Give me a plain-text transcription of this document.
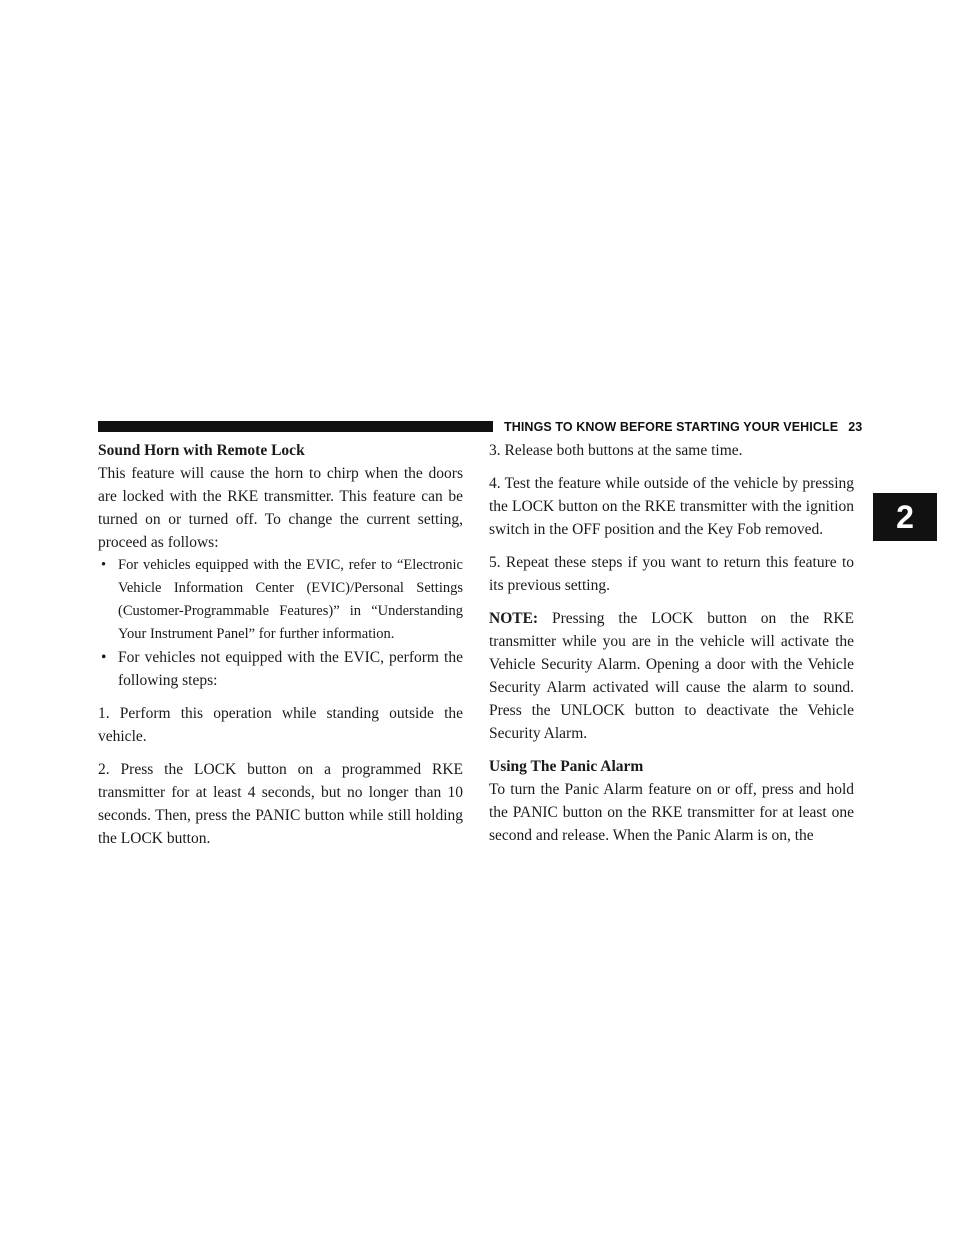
THINGS TO KNOW BEFORE STARTING YOUR VEHICLE 23
2

Sound Horn with Remote Lock

This feature will cause the horn to chirp when the doors are locked with the RKE transmitter. This feature can be turned on or turned off. To change the current setting, proceed as follows:

• For vehicles equipped with the EVIC, refer to “Electronic Vehicle Information Center (EVIC)/Personal Settings (Customer-Programmable Features)” in “Understanding Your Instrument Panel” for further information.

• For vehicles not equipped with the EVIC, perform the following steps:

1. Perform this operation while standing outside the vehicle.

2. Press the LOCK button on a programmed RKE transmitter for at least 4 seconds, but no longer than 10 seconds. Then, press the PANIC button while still holding the LOCK button.

3. Release both buttons at the same time.

4. Test the feature while outside of the vehicle by pressing the LOCK button on the RKE transmitter with the ignition switch in the OFF position and the Key Fob removed.

5. Repeat these steps if you want to return this feature to its previous setting.

NOTE: Pressing the LOCK button on the RKE transmitter while you are in the vehicle will activate the Vehicle Security Alarm. Opening a door with the Vehicle Security Alarm activated will cause the alarm to sound. Press the UNLOCK button to deactivate the Vehicle Security Alarm.

Using The Panic Alarm

To turn the Panic Alarm feature on or off, press and hold the PANIC button on the RKE transmitter for at least one second and release. When the Panic Alarm is on, the
